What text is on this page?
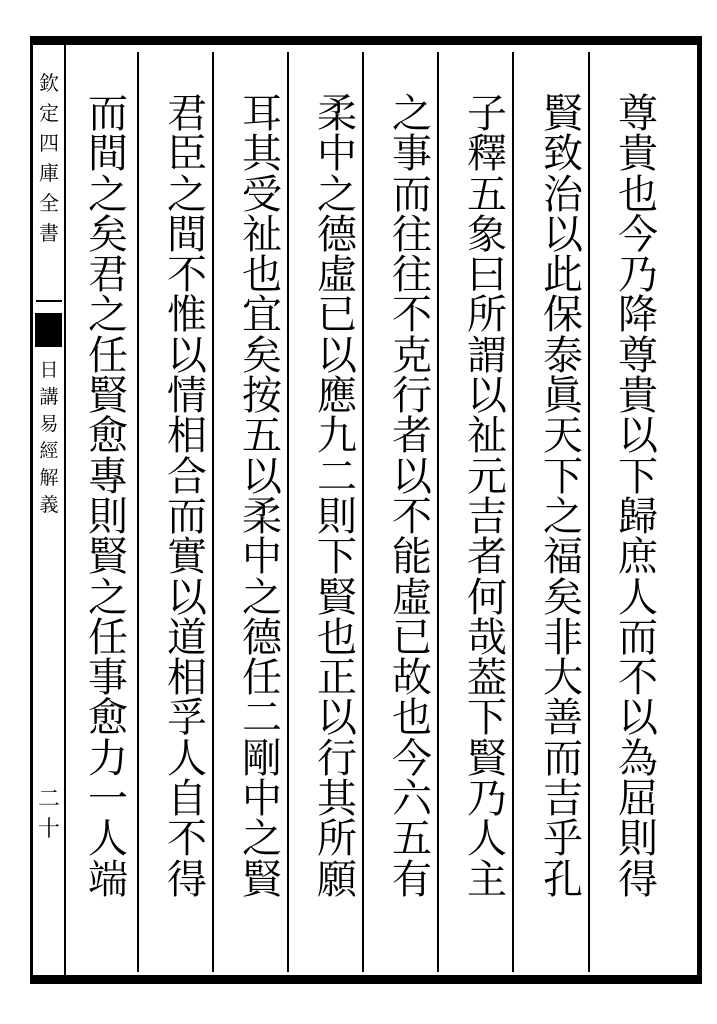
欽
定
四
庫
全
書
日
講
易
經
解
義
二十
尊
貴
也
今
乃
降
尊
貴
以
下
歸
庶
人
而
不
以
為
屈
則
得
賢
致
治
以
此
保
泰
眞
天
下
之
福
矣
非
大
善
而
吉
乎
孔
子
釋
五
象
曰
所
謂
以
祉
元
吉
者
何
哉
葢
下
賢
乃
人
主
之
事
而
往
往
不
克
行
者
以
不
能
虛
已
故
也
今
六
五
有
柔
中
之
德
虛
已
以
應
九
二
則
下
賢
也
正
以
行
其
所
願
耳
其
受
祉
也
宜
矣
按
五
以
柔
中
之
德
任
二
剛
中
之
賢
君
臣
之
間
不
惟
以
情
相
合
而
實
以
道
相
孚
人
自
不
得
而
間
之
矣
君
之
任
賢
愈
專
則
賢
之
任
事
愈
力
一
人
端
